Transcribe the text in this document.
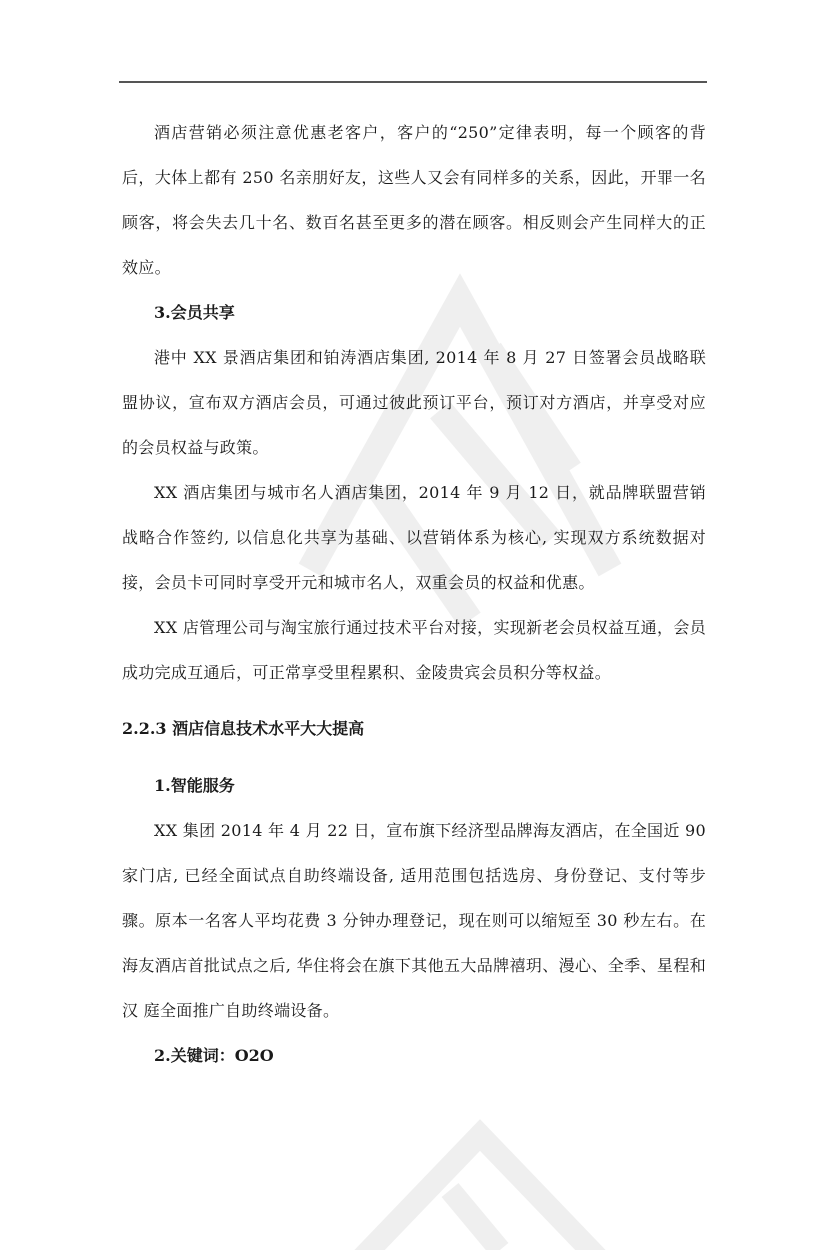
酒店营销必须注意优惠老客户，客户的“250”定律表明，每一个顾客的背后，大体上都有 250 名亲朋好友，这些人又会有同样多的关系，因此，开罪一名顾客，将会失去几十名、数百名甚至更多的潜在顾客。相反则会产生同样大的正效应。

3.会员共享

港中 XX 景酒店集团和铂涛酒店集团, 2014 年 8 月 27 日签署会员战略联盟协议，宣布双方酒店会员，可通过彼此预订平台，预订对方酒店，并享受对应的会员权益与政策。

XX 酒店集团与城市名人酒店集团，2014 年 9 月 12 日，就品牌联盟营销战略合作签约, 以信息化共享为基础、以营销体系为核心, 实现双方系统数据对接，会员卡可同时享受开元和城市名人，双重会员的权益和优惠。

XX 店管理公司与淘宝旅行通过技术平台对接，实现新老会员权益互通，会员成功完成互通后，可正常享受里程累积、金陵贵宾会员积分等权益。

2.2.3 酒店信息技术水平大大提高

1.智能服务

XX 集团 2014 年 4 月 22 日，宣布旗下经济型品牌海友酒店，在全国近 90 家门店, 已经全面试点自助终端设备, 适用范围包括选房、身份登记、支付等步 骤。原本一名客人平均花费 3 分钟办理登记，现在则可以缩短至 30 秒左右。在海友酒店首批试点之后, 华住将会在旗下其他五大品牌禧玥、漫心、全季、星程和汉 庭全面推广自助终端设备。

2.关键词：O2O
